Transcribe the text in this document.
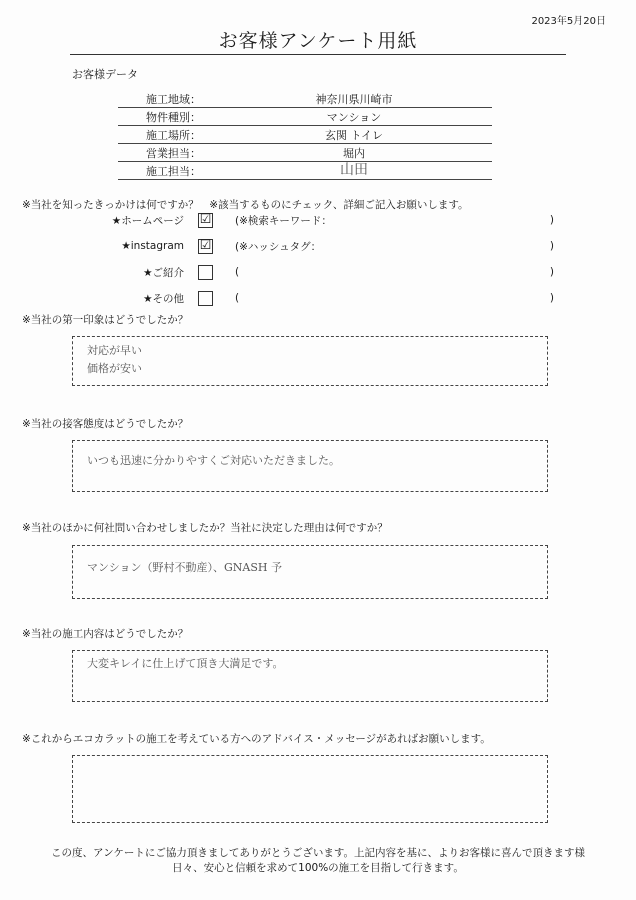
2023年5月20日
お客様アンケート用紙
お客様データ
施工地域：	神奈川県川崎市
物件種別：	マンション
施工場所：	玄関 トイレ
営業担当：	堀内
施工担当：	山田
※当社を知ったきっかけは何ですか？　※該当するものにチェック、詳細ご記入お願いします。
★ホームページ ☑ (※検索キーワード：	)
★instagram ☑ (※ハッシュタグ：	)
★ご紹介	(	)
★その他	(	)
※当社の第一印象はどうでしたか？
対応が早い
価格が安い
※当社の接客態度はどうでしたか？
いつも迅速に分かりやすくご対応いただきました。
※当社のほかに何社問い合わせしましたか？当社に決定した理由は何ですか？
マンション（野村不動産）、GNASH 予
※当社の施工内容はどうでしたか？
大変キレイに仕上げて頂き大満足です。
※これからエコカラットの施工を考えている方へのアドバイス・メッセージがあればお願いします。
この度、アンケートにご協力頂きましてありがとうございます。上記内容を基に、よりお客様に喜んで頂きます様
日々、安心と信頼を求めて100%の施工を目指して行きます。
